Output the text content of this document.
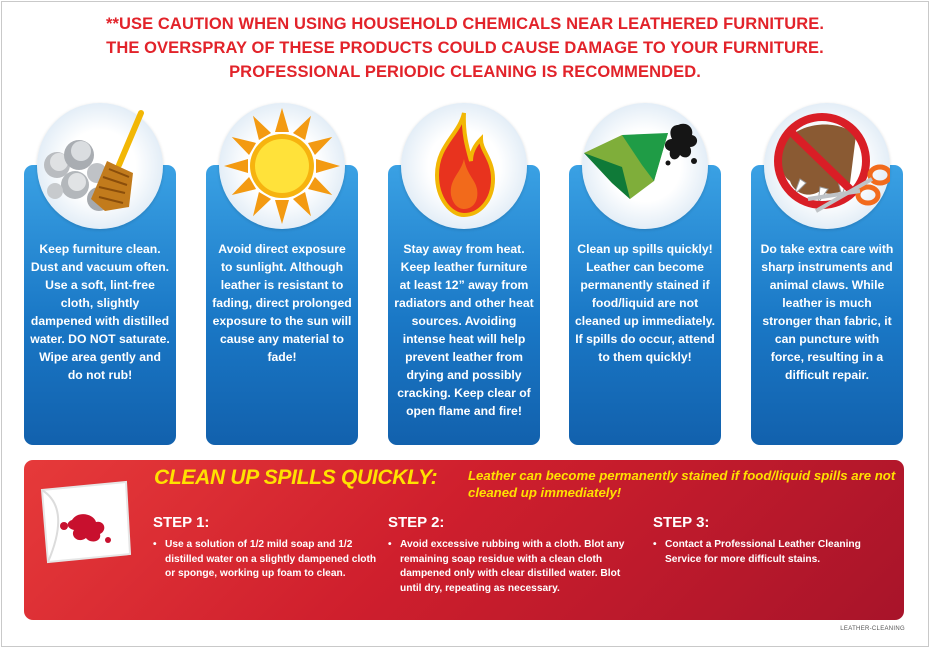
**USE CAUTION WHEN USING HOUSEHOLD CHEMICALS NEAR LEATHERED FURNITURE.
THE OVERSPRAY OF THESE PRODUCTS COULD CAUSE DAMAGE TO YOUR FURNITURE.
PROFESSIONAL PERIODIC CLEANING IS RECOMMENDED.
Keep furniture clean. Dust and vacuum often. Use a soft, lint-free cloth, slightly dampened with distilled water. DO NOT saturate. Wipe area gently and do not rub!
Avoid direct exposure to sunlight. Although leather is resistant to fading, direct prolonged exposure to the sun will cause any material to fade!
Stay away from heat. Keep leather furniture at least 12” away from radiators and other heat sources. Avoiding intense heat will help prevent leather from drying and possibly cracking. Keep clear of open flame and fire!
Clean up spills quickly! Leather can become permanently stained if food/liquid are not cleaned up immediately. If spills do occur, attend to them quickly!
Do take extra care with sharp instruments and animal claws. While leather is much stronger than fabric, it can puncture with force, resulting in a difficult repair.
CLEAN UP SPILLS QUICKLY: Leather can become permanently stained if food/liquid spills are not cleaned up immediately!
STEP 1:
• Use a solution of 1/2 mild soap and 1/2 distilled water on a slightly dampened cloth or sponge, working up foam to clean.
STEP 2:
• Avoid excessive rubbing with a cloth. Blot any remaining soap residue with a clean cloth dampened only with clear distilled water. Blot until dry, repeating as necessary.
STEP 3:
• Contact a Professional Leather Cleaning Service for more difficult stains.
LEATHER-CLEANING
